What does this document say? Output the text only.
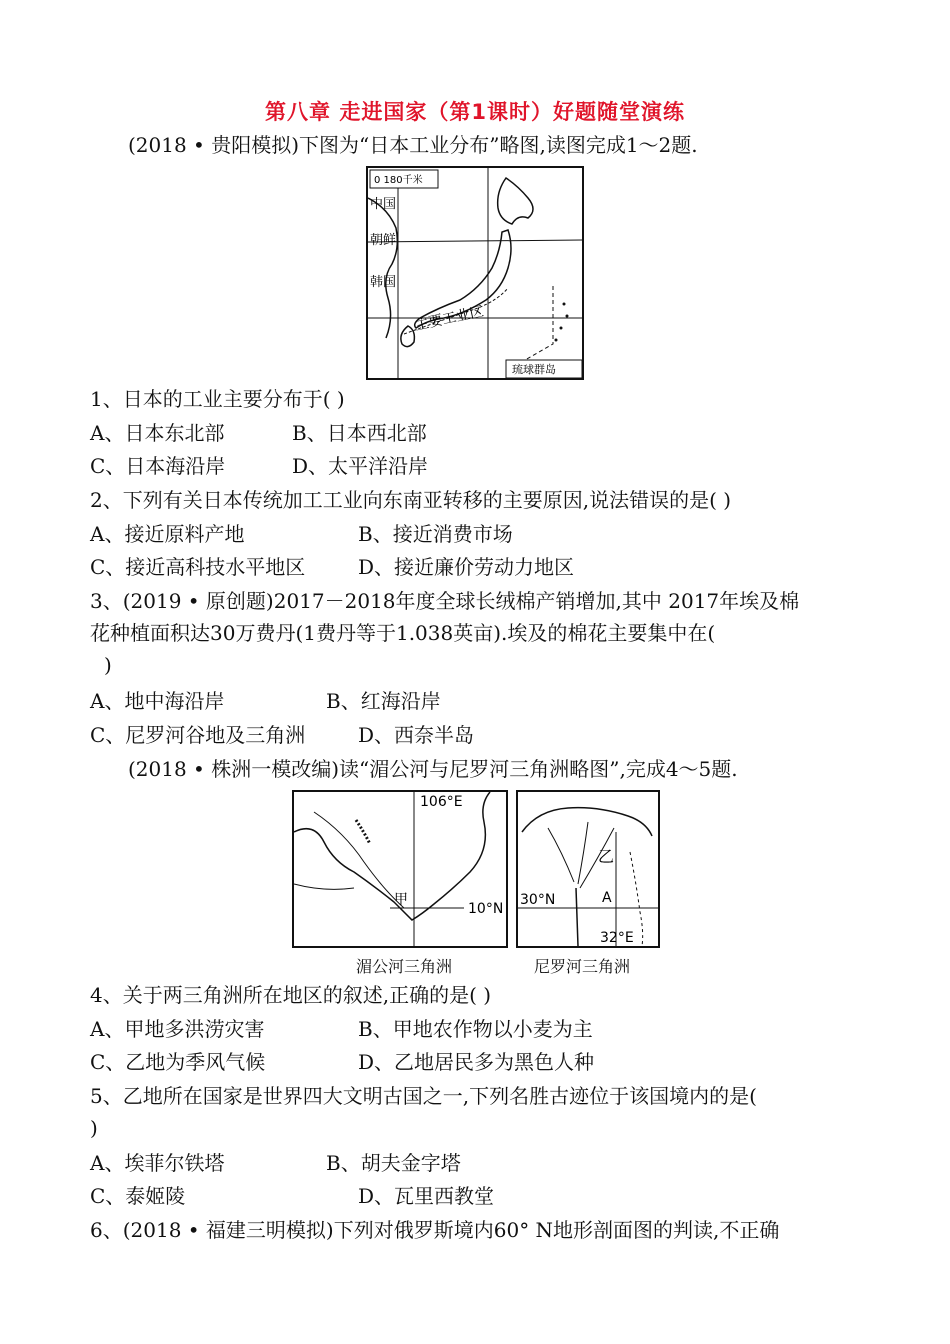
第八章 走进国家（第1课时）好题随堂演练
(2018 • 贵阳模拟)下图为“日本工业分布”略图,读图完成1～2题.
0 180千米
中国
朝鲜
韩国
主要工业区
琉球群岛
1、日本的工业主要分布于( )
A、日本东北部	B、日本西北部
C、日本海沿岸	D、太平洋沿岸
2、下列有关日本传统加工工业向东南亚转移的主要原因,说法错误的是( )
A、接近原料产地	B、接近消费市场
C、接近高科技水平地区	D、接近廉价劳动力地区
3、(2019 • 原创题)2017－2018年度全球长绒棉产销增加,其中 2017年埃及棉
花种植面积达30万费丹(1费丹等于1.038英亩).埃及的棉花主要集中在(
)
A、地中海沿岸	B、红海沿岸
C、尼罗河谷地及三角洲	D、西奈半岛
(2018 • 株洲一模改编)读“湄公河与尼罗河三角洲略图”,完成4～5题.
106°E
10°N
甲
乙
A
30°N
32°E
湄公河三角洲	尼罗河三角洲
4、关于两三角洲所在地区的叙述,正确的是( )
A、甲地多洪涝灾害	B、甲地农作物以小麦为主
C、乙地为季风气候	D、乙地居民多为黑色人种
5、乙地所在国家是世界四大文明古国之一,下列名胜古迹位于该国境内的是(
)
A、埃菲尔铁塔	B、胡夫金字塔
C、泰姬陵	D、瓦里西教堂
6、(2018 • 福建三明模拟)下列对俄罗斯境内60° N地形剖面图的判读,不正确
